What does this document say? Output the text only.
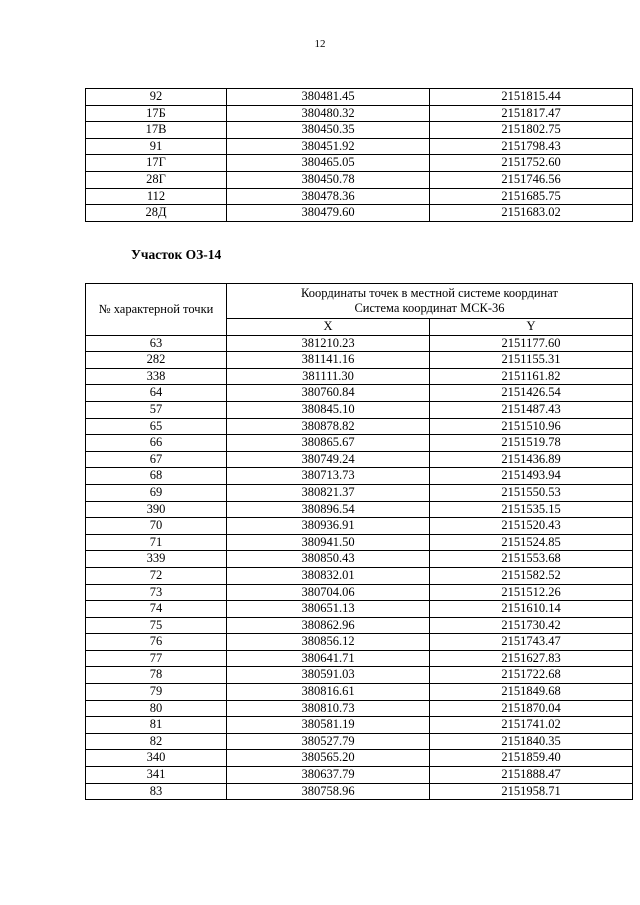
12
92	380481.45	2151815.44
17Б	380480.32	2151817.47
17В	380450.35	2151802.75
91	380451.92	2151798.43
17Г	380465.05	2151752.60
28Г	380450.78	2151746.56
112	380478.36	2151685.75
28Д	380479.60	2151683.02
Участок ОЗ-14
№ характерной точки	Координаты точек в местной системе координат
Система координат МСК-36	
	X	Y
63	381210.23	2151177.60
282	381141.16	2151155.31
338	381111.30	2151161.82
64	380760.84	2151426.54
57	380845.10	2151487.43
65	380878.82	2151510.96
66	380865.67	2151519.78
67	380749.24	2151436.89
68	380713.73	2151493.94
69	380821.37	2151550.53
390	380896.54	2151535.15
70	380936.91	2151520.43
71	380941.50	2151524.85
339	380850.43	2151553.68
72	380832.01	2151582.52
73	380704.06	2151512.26
74	380651.13	2151610.14
75	380862.96	2151730.42
76	380856.12	2151743.47
77	380641.71	2151627.83
78	380591.03	2151722.68
79	380816.61	2151849.68
80	380810.73	2151870.04
81	380581.19	2151741.02
82	380527.79	2151840.35
340	380565.20	2151859.40
341	380637.79	2151888.47
83	380758.96	2151958.71
